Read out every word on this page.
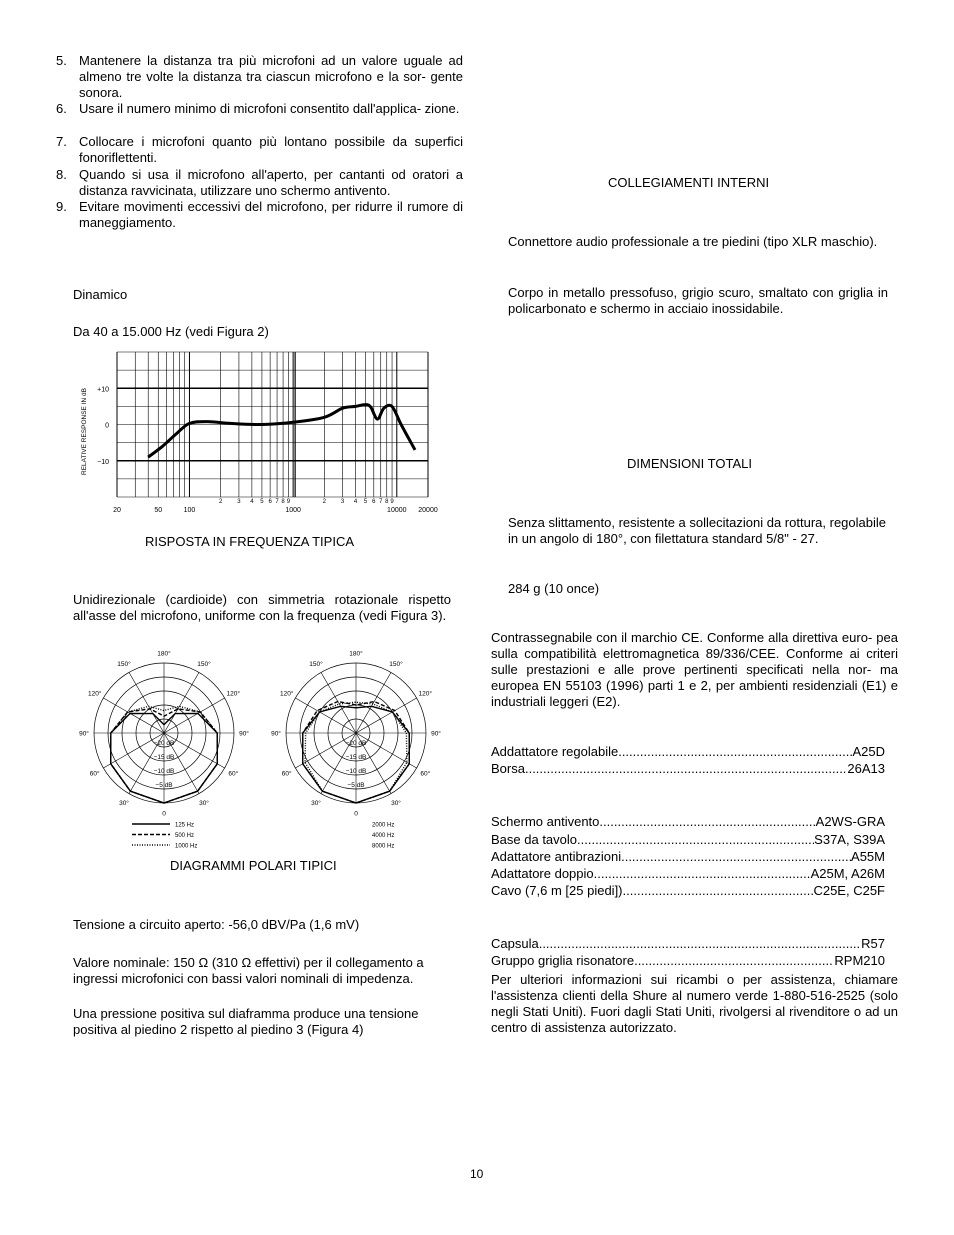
5. Mantenere la distanza tra più microfoni ad un valore uguale ad almeno tre volte la distanza tra ciascun microfono e la sor- gente sonora.

6. Usare il numero minimo di microfoni consentito dall'applica- zione.

7. Collocare i microfoni quanto più lontano possibile da superfici fonoriflettenti.

8. Quando si usa il microfono all'aperto, per cantanti od oratori a distanza ravvicinata, utilizzare uno schermo antivento.

9. Evitare movimenti eccessivi del microfono, per ridurre il rumore di maneggiamento.

Dinamico

Da 40 a 15.000 Hz (vedi Figura 2)

RELATIVE RESPONSE IN dB +10
0
−10
20	50	100
2 3 4 5 6 7 8 9
1000
2 3 4 5 6 7 8 9
10000 20000

RISPOSTA IN FREQUENZA TIPICA

Unidirezionale (cardioide) con simmetria rotazionale rispetto all'asse del microfono, uniforme con la frequenza (vedi Figura 3).

0
30°
60°
90°
120°
150°
180°
150°
120°
90°
60°
30°
−20 dB
−15 dB
−10 dB
−5 dB
0
30°
60°
90°
120°
150°
180°
150°
120°
90°
60°
30°
−20 dB
−15 dB
−10 dB
−5 dB
125 Hz
500 Hz
1000 Hz
2000 Hz
4000 Hz
8000 Hz

DIAGRAMMI POLARI TIPICI

Tensione a circuito aperto: -56,0 dBV/Pa (1,6 mV)

Valore nominale: 150 Ω (310 Ω effettivi) per il collegamento a ingressi microfonici con bassi valori nominali di impedenza.

Una pressione positiva sul diaframma produce una tensione positiva al piedino 2 rispetto al piedino 3 (Figura 4)

COLLEGIAMENTI INTERNI

Connettore audio professionale a tre piedini (tipo XLR maschio).

Corpo in metallo pressofuso, grigio scuro, smaltato con griglia in policarbonato e schermo in acciaio inossidabile.

DIMENSIONI TOTALI

Senza slittamento, resistente a sollecitazioni da rottura, regolabile in un angolo di 180°, con filettatura standard 5/8" - 27.

284 g (10 once)

Contrassegnabile con il marchio CE. Conforme alla direttiva euro- pea sulla compatibilità elettromagnetica 89/336/CEE. Conforme ai criteri sulle prestazioni e alle prove pertinenti specificati nella nor- ma europea EN 55103 (1996) parti 1 e 2, per ambienti residenziali (E1) e industriali leggeri (E2).

Addattatore regolabile .....	A25D
Borsa .....	26A13
Schermo antivento .....	A2WS-GRA
Base da tavolo .....	S37A, S39A
Adattatore antibrazioni .....	A55M
Adattatore doppio .....	A25M, A26M
Cavo (7,6 m [25 piedi]) .....	C25E, C25F
Capsula .....	R57
Gruppo griglia risonatore .....	RPM210

Per ulteriori informazioni sui ricambi o per assistenza, chiamare l'assistenza clienti della Shure al numero verde 1-880-516-2525 (solo negli Stati Uniti). Fuori dagli Stati Uniti, rivolgersi al rivenditore o ad un centro di assistenza autorizzato.

10
